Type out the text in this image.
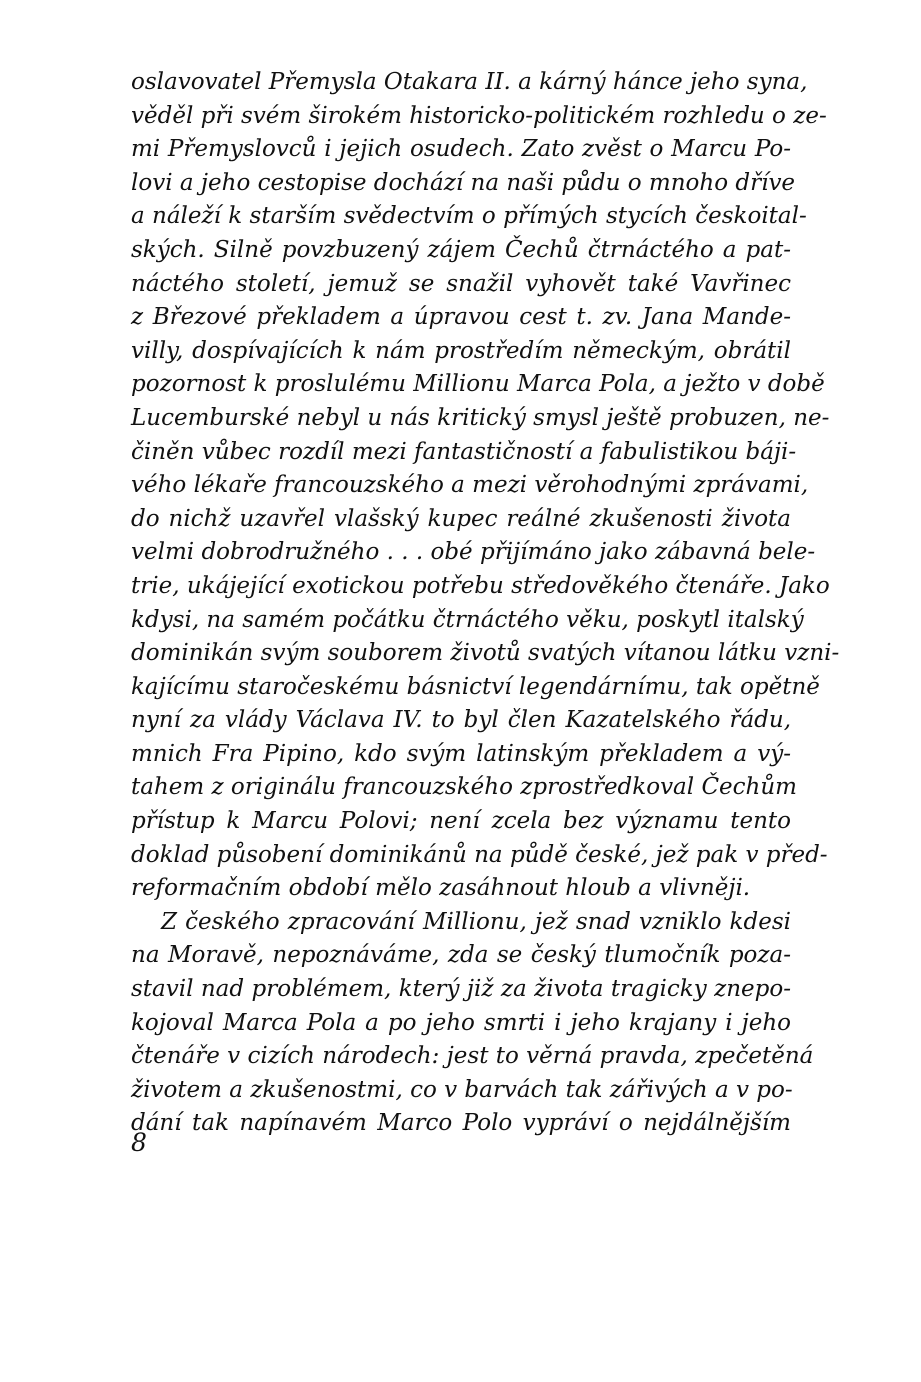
oslavovatel Přemysla Otakara II. a kárný hánce jeho syna,
věděl při svém širokém historicko-politickém rozhledu o ze-
mi Přemyslovců i jejich osudech. Zato zvěst o Marcu Po-
lovi a jeho cestopise dochází na naši půdu o mnoho dříve
a náleží k starším svědectvím o přímých stycích českoital-
ských. Silně povzbuzený zájem Čechů čtrnáctého a pat-
náctého století, jemuž se snažil vyhovět také Vavřinec
z Březové překladem a úpravou cest t. zv. Jana Mande-
villy, dospívajících k nám prostředím německým, obrátil
pozornost k proslulému Millionu Marca Pola, a ježto v době
Lucemburské nebyl u nás kritický smysl ještě probuzen, ne-
činěn vůbec rozdíl mezi fantastičností a fabulistikou báji-
vého lékaře francouzského a mezi věrohodnými zprávami,
do nichž uzavřel vlašský kupec reálné zkušenosti života
velmi dobrodružného . . . obé přijímáno jako zábavná bele-
trie, ukájející exotickou potřebu středověkého čtenáře. Jako
kdysi, na samém počátku čtrnáctého věku, poskytl italský
dominikán svým souborem životů svatých vítanou látku vzni-
kajícímu staročeskému básnictví legendárnímu, tak opětně
nyní za vlády Václava IV. to byl člen Kazatelského řádu,
mnich Fra Pipino, kdo svým latinským překladem a vý-
tahem z originálu francouzského zprostředkoval Čechům
přístup k Marcu Polovi; není zcela bez významu tento
doklad působení dominikánů na půdě české, jež pak v před-
reformačním období mělo zasáhnout hloub a vlivněji.
Z českého zpracování Millionu, jež snad vzniklo kdesi
na Moravě, nepoznáváme, zda se český tlumočník poza-
stavil nad problémem, který již za života tragicky znepo-
kojoval Marca Pola a po jeho smrti i jeho krajany i jeho
čtenáře v cizích národech: jest to věrná pravda, zpečetěná
životem a zkušenostmi, co v barvách tak zářivých a v po-
dání tak napínavém Marco Polo vypráví o nejdálnějším
8
